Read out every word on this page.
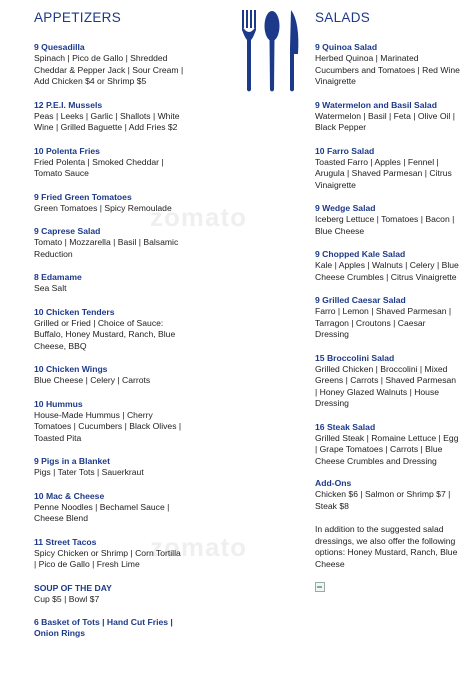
zomato
zomato
APPETIZERS
9 Quesadilla
Spinach | Pico de Gallo | Shredded Cheddar & Pepper Jack | Sour Cream | Add Chicken $4 or Shrimp $5
12 P.E.I. Mussels
Peas | Leeks | Garlic | Shallots | White Wine | Grilled Baguette | Add Fries $2
10 Polenta Fries
Fried Polenta | Smoked Cheddar | Tomato Sauce
9 Fried Green Tomatoes
Green Tomatoes | Spicy Remoulade
9 Caprese Salad
Tomato | Mozzarella | Basil | Balsamic Reduction
8 Edamame
Sea Salt
10 Chicken Tenders
Grilled or Fried | Choice of Sauce: Buffalo, Honey Mustard, Ranch, Blue Cheese, BBQ
10 Chicken Wings
Blue Cheese | Celery | Carrots
10 Hummus
House-Made Hummus | Cherry Tomatoes | Cucumbers | Black Olives | Toasted Pita
9 Pigs in a Blanket
Pigs | Tater Tots | Sauerkraut
10 Mac & Cheese
Penne Noodles | Bechamel Sauce | Cheese Blend
11 Street Tacos
Spicy Chicken or Shrimp | Corn Tortilla | Pico de Gallo | Fresh Lime
SOUP OF THE DAY
Cup $5 | Bowl $7
6 Basket of Tots | Hand Cut Fries | Onion Rings
SALADS
9 Quinoa Salad
Herbed Quinoa | Marinated Cucumbers and Tomatoes | Red Wine Vinaigrette
9 Watermelon and Basil Salad
Watermelon | Basil | Feta | Olive Oil | Black Pepper
10 Farro Salad
Toasted Farro | Apples | Fennel | Arugula | Shaved Parmesan | Citrus Vinaigrette
9 Wedge Salad
Iceberg Lettuce | Tomatoes | Bacon | Blue Cheese
9 Chopped Kale Salad
Kale | Apples | Walnuts | Celery | Blue Cheese Crumbles | Citrus Vinaigrette
9 Grilled Caesar Salad
Farro | Lemon | Shaved Parmesan | Tarragon | Croutons | Caesar Dressing
15 Broccolini Salad
Grilled Chicken | Broccolini | Mixed Greens | Carrots | Shaved Parmesan | Honey Glazed Walnuts | House Dressing
16 Steak Salad
Grilled Steak | Romaine Lettuce | Egg | Grape Tomatoes | Carrots | Blue Cheese Crumbles and Dressing
Add-Ons
Chicken $6 | Salmon or Shrimp $7 | Steak $8
In addition to the suggested salad dressings, we also offer the following options: Honey Mustard, Ranch, Blue Cheese
